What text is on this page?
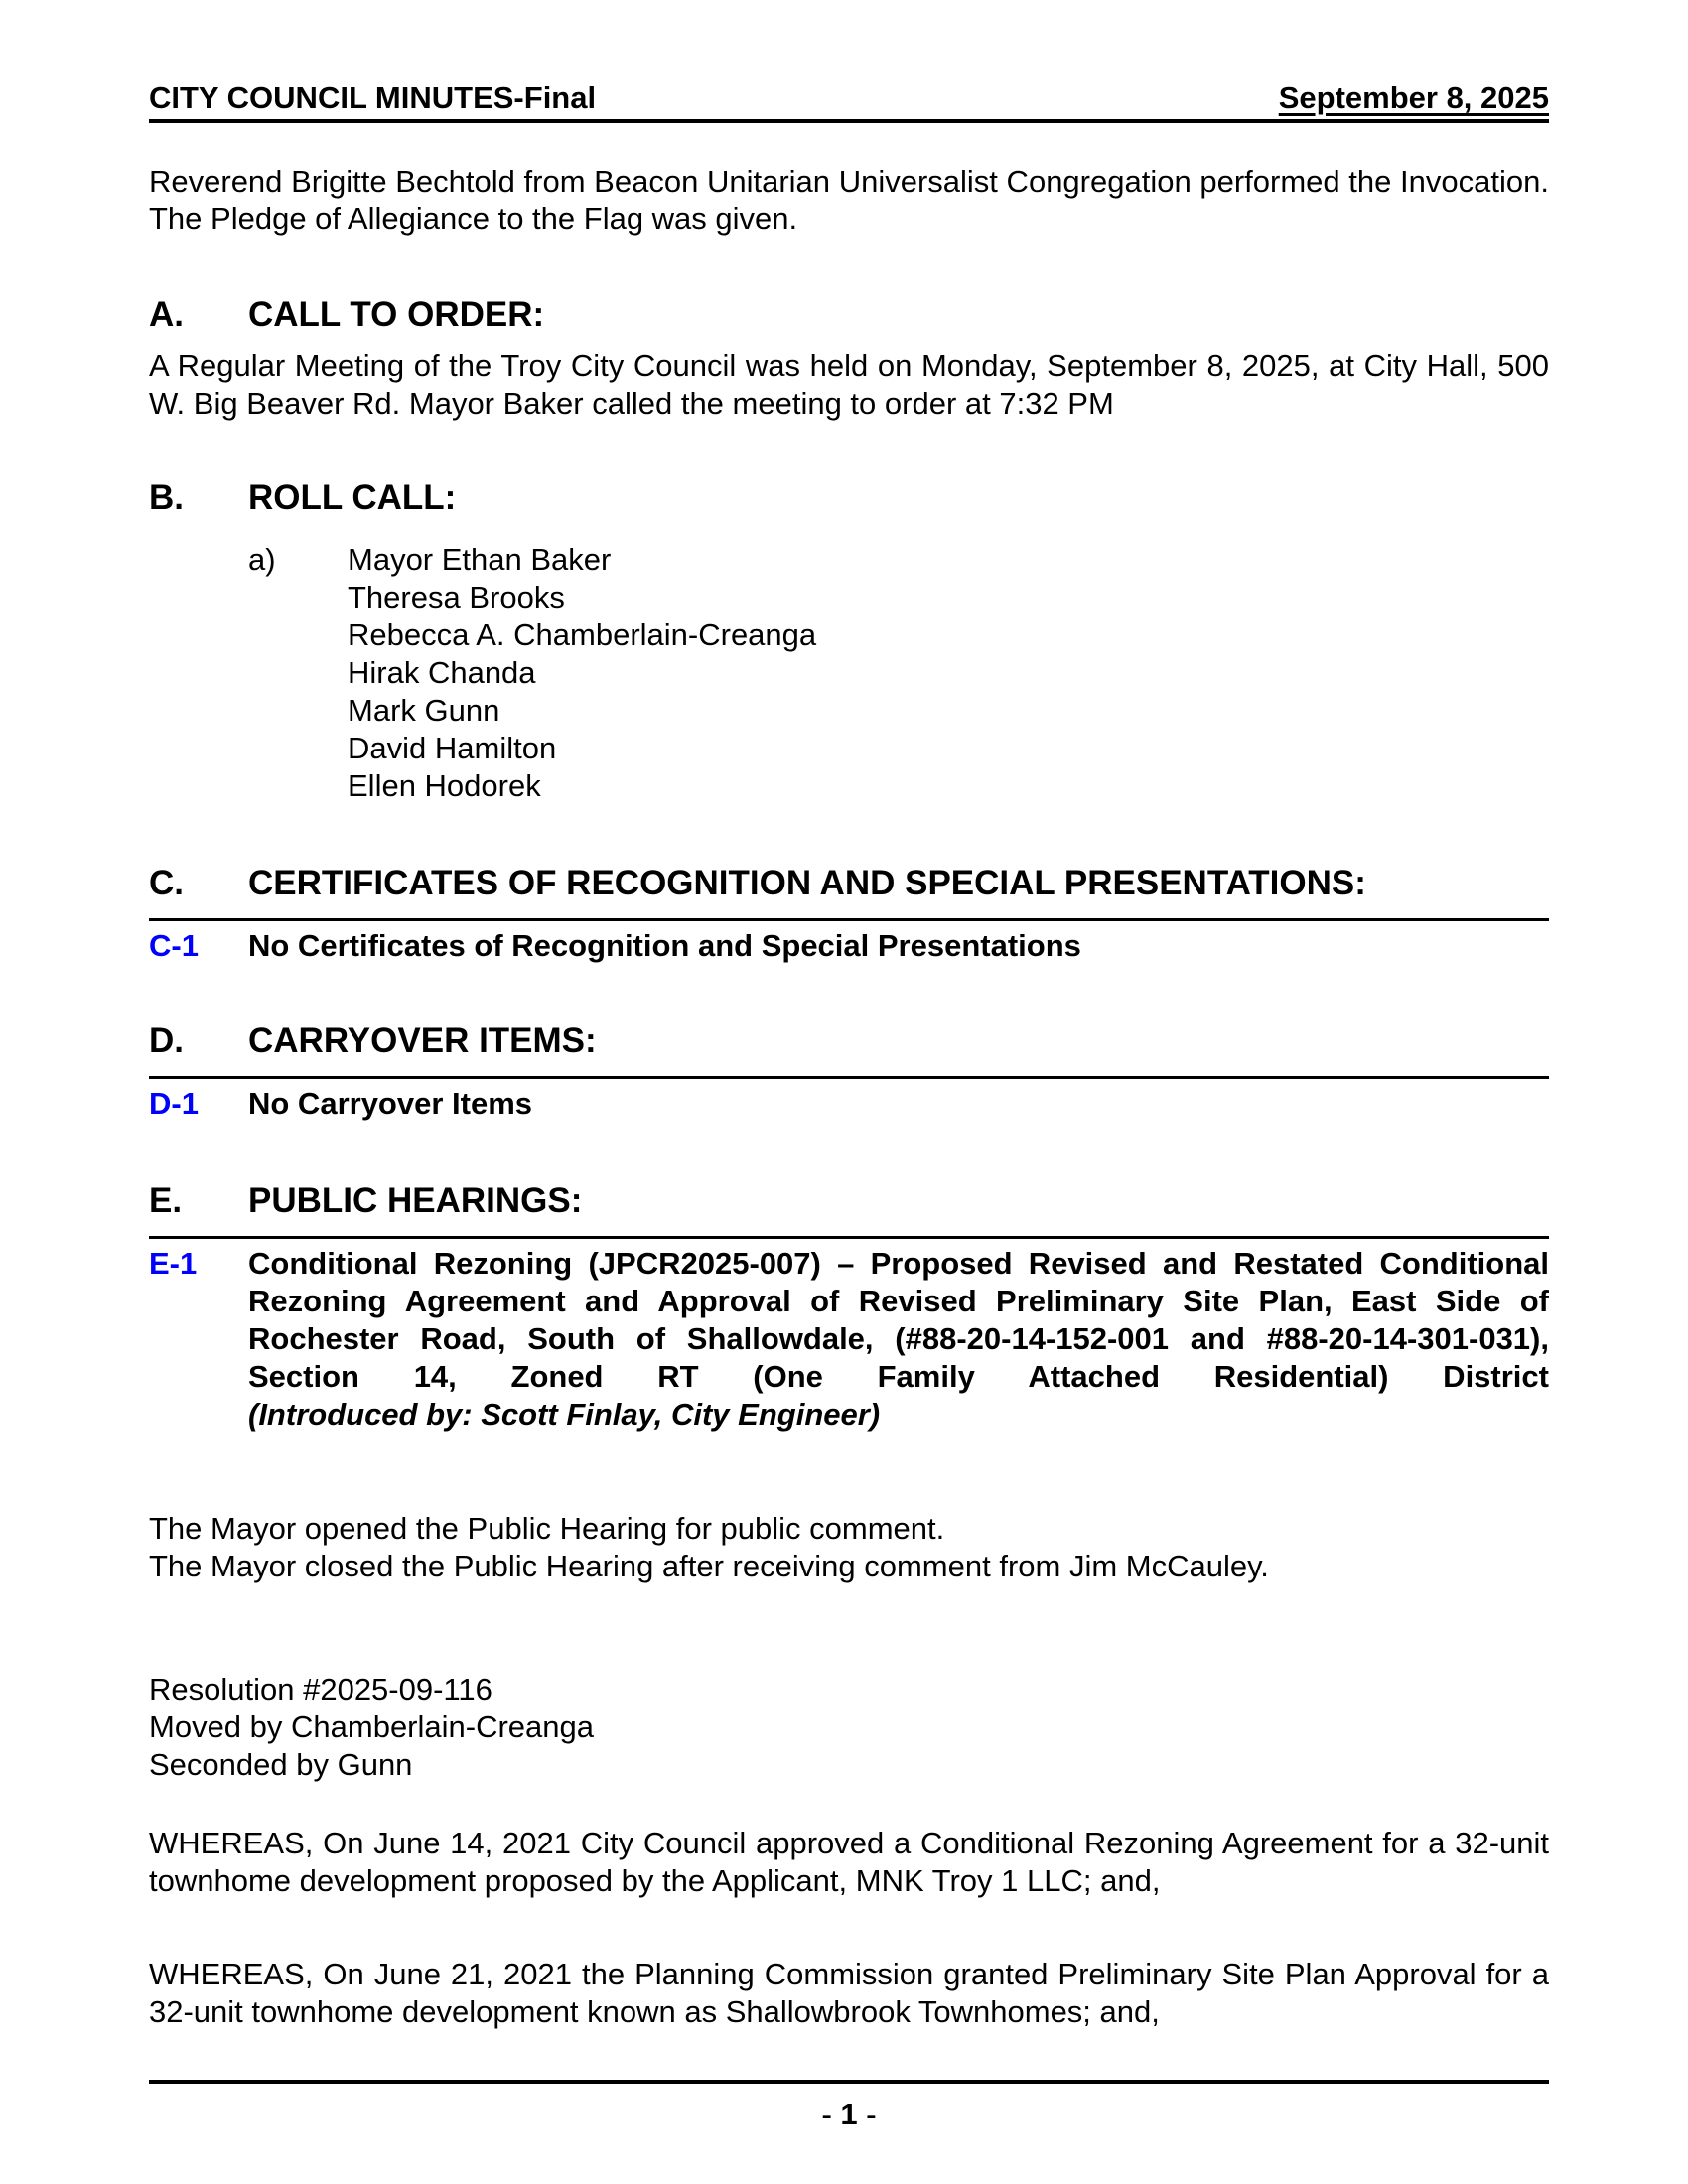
CITY COUNCIL MINUTES-Final	September 8, 2025

Reverend Brigitte Bechtold from Beacon Unitarian Universalist Congregation performed the Invocation. The Pledge of Allegiance to the Flag was given.

A.	CALL TO ORDER:

A Regular Meeting of the Troy City Council was held on Monday, September 8, 2025, at City Hall, 500 W. Big Beaver Rd. Mayor Baker called the meeting to order at 7:32 PM

B.	ROLL CALL:
a)	Mayor Ethan Baker
Theresa Brooks
Rebecca A. Chamberlain-Creanga
Hirak Chanda
Mark Gunn
David Hamilton
Ellen Hodorek
C.	CERTIFICATES OF RECOGNITION AND SPECIAL PRESENTATIONS:
C-1	No Certificates of Recognition and Special Presentations
D.	CARRYOVER ITEMS:
D-1	No Carryover Items
E.	PUBLIC HEARINGS:
E-1	Conditional Rezoning (JPCR2025-007) – Proposed Revised and Restated Conditional Rezoning Agreement and Approval of Revised Preliminary Site Plan, East Side of Rochester Road, South of Shallowdale, (#88-20-14-152-001 and #88-20-14-301-031), Section 14, Zoned RT (One Family Attached Residential) District
(Introduced by: Scott Finlay, City Engineer)
The Mayor opened the Public Hearing for public comment.
The Mayor closed the Public Hearing after receiving comment from Jim McCauley.
Resolution #2025-09-116
Moved by Chamberlain-Creanga
Seconded by Gunn

WHEREAS, On June 14, 2021 City Council approved a Conditional Rezoning Agreement for a 32-unit townhome development proposed by the Applicant, MNK Troy 1 LLC; and,

WHEREAS, On June 21, 2021 the Planning Commission granted Preliminary Site Plan Approval for a 32-unit townhome development known as Shallowbrook Townhomes; and,

- 1 -
